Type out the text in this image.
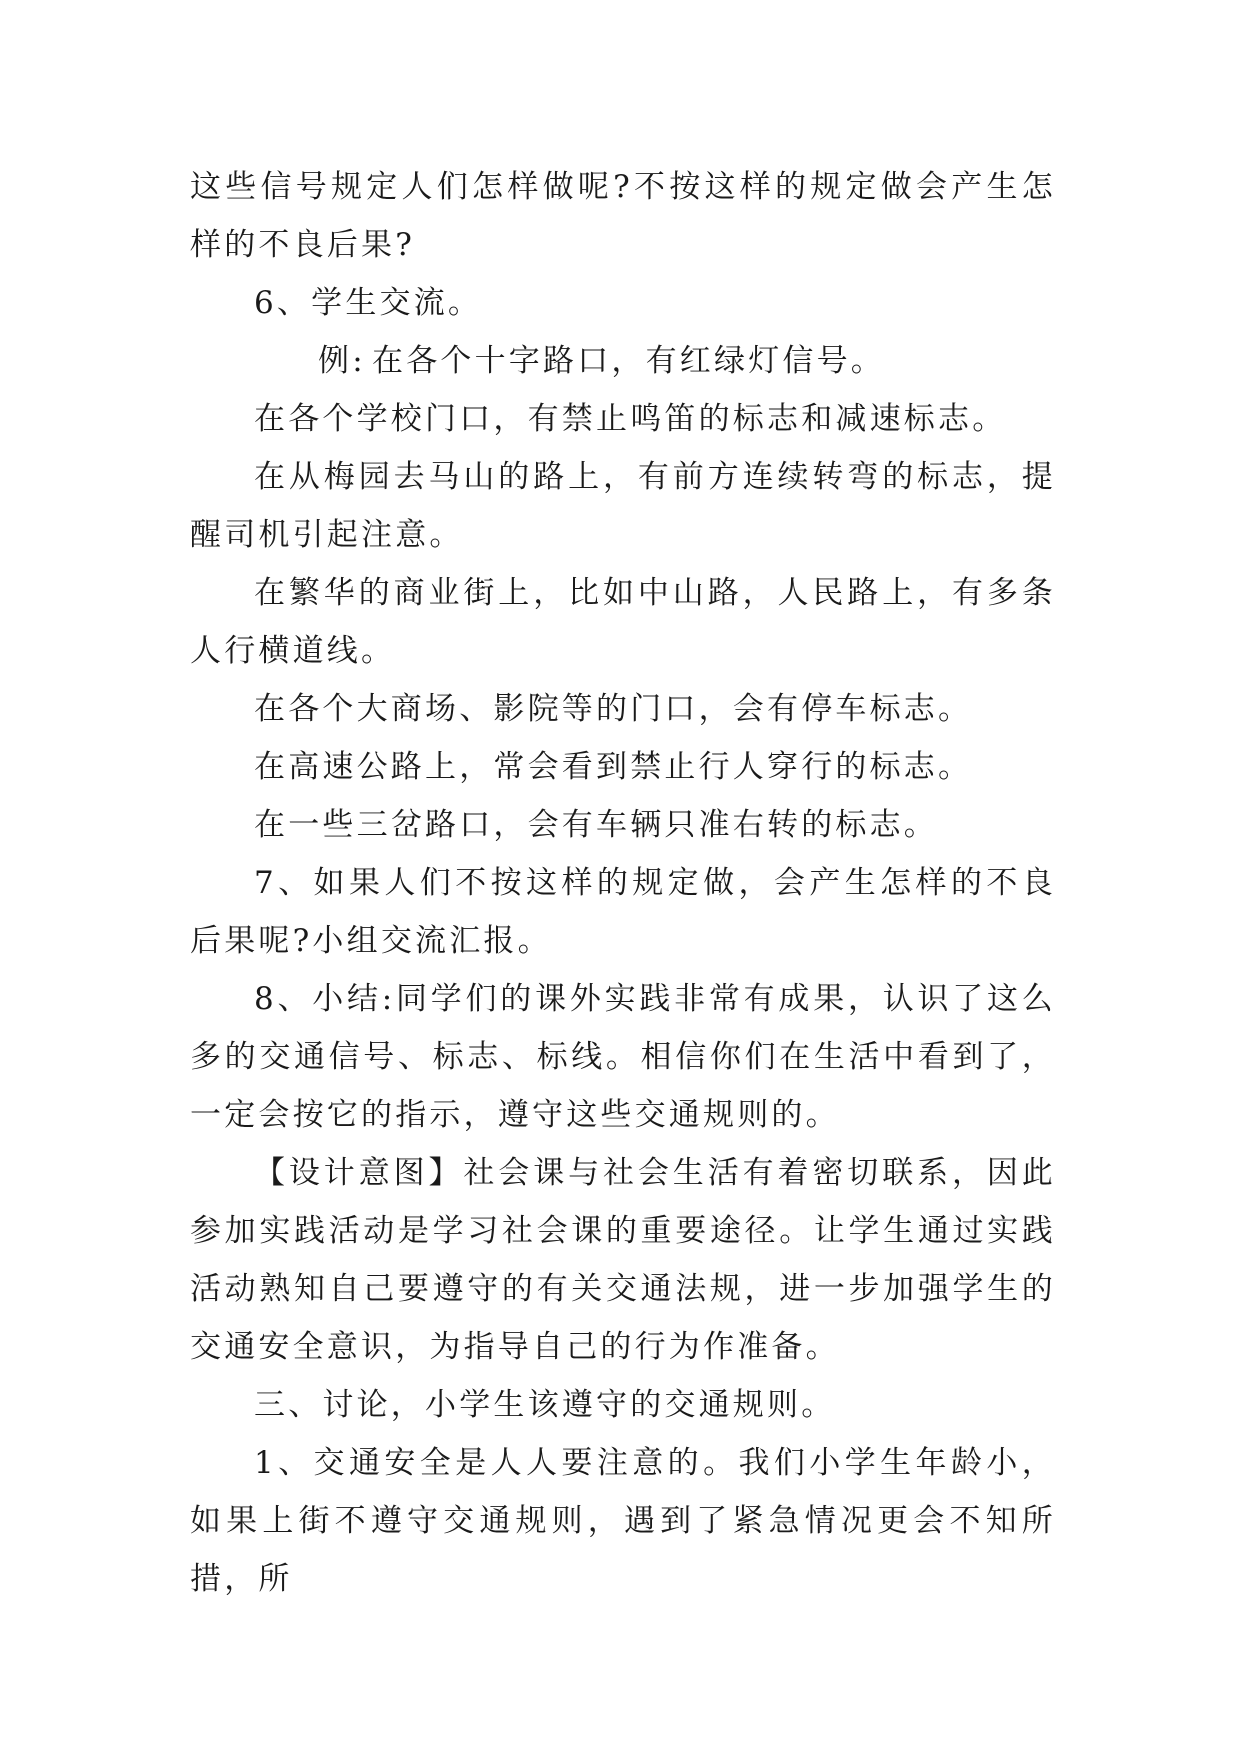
这些信号规定人们怎样做呢?不按这样的规定做会产生怎样的不良后果?

6、学生交流。

例: 在各个十字路口，有红绿灯信号。

在各个学校门口，有禁止鸣笛的标志和减速标志。

在从梅园去马山的路上，有前方连续转弯的标志，提醒司机引起注意。

在繁华的商业街上，比如中山路，人民路上，有多条人行横道线。

在各个大商场、影院等的门口，会有停车标志。

在高速公路上，常会看到禁止行人穿行的标志。

在一些三岔路口，会有车辆只准右转的标志。

7、如果人们不按这样的规定做，会产生怎样的不良后果呢?小组交流汇报。

8、小结:同学们的课外实践非常有成果，认识了这么多的交通信号、标志、标线。相信你们在生活中看到了，一定会按它的指示，遵守这些交通规则的。

【设计意图】社会课与社会生活有着密切联系，因此参加实践活动是学习社会课的重要途径。让学生通过实践活动熟知自己要遵守的有关交通法规，进一步加强学生的交通安全意识，为指导自己的行为作准备。

三、讨论，小学生该遵守的交通规则。

1、交通安全是人人要注意的。我们小学生年龄小，如果上街不遵守交通规则，遇到了紧急情况更会不知所措，所
